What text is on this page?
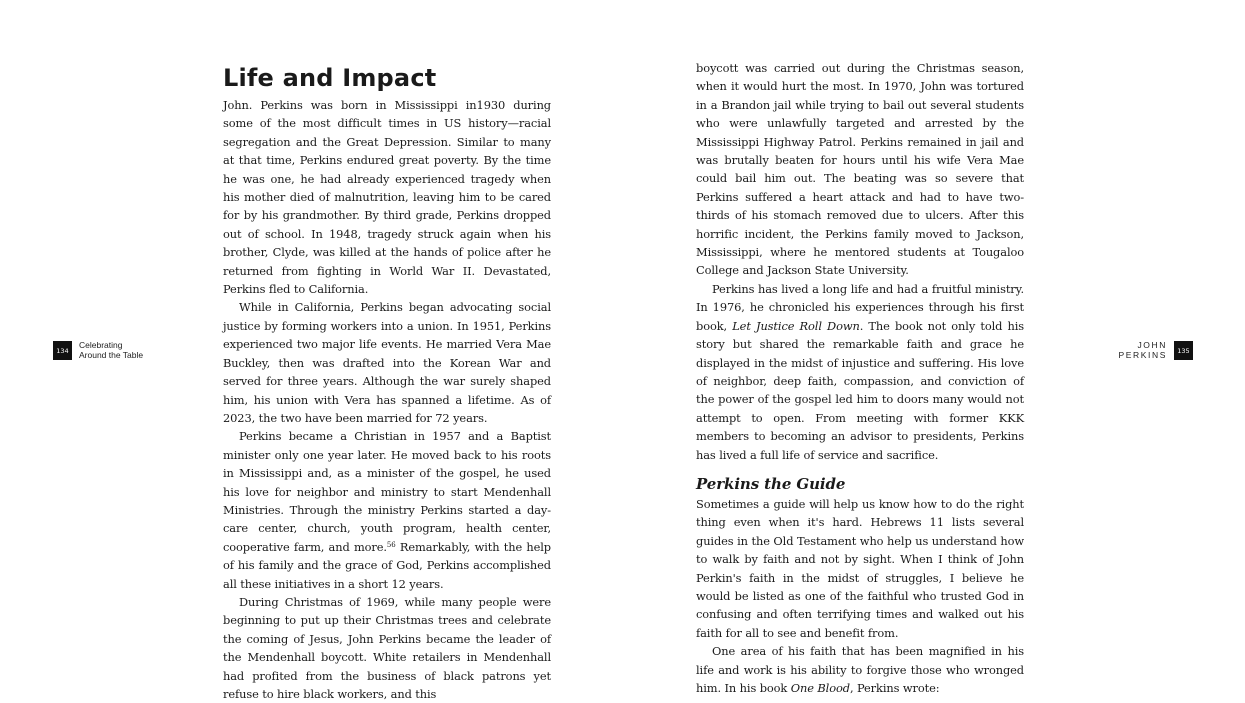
134
Celebrating
Around the Table
Life and Impact

John. Perkins was born in Mississippi in1930 during some of the most difficult times in US history—racial segregation and the Great Depression. Similar to many at that time, Perkins endured great poverty. By the time he was one, he had already experienced tragedy when his mother died of malnutrition, leaving him to be cared for by his grandmother. By third grade, Perkins dropped out of school. In 1948, tragedy struck again when his brother, Clyde, was killed at the hands of police after he returned from fighting in World War II. Devastated, Perkins fled to California.

While in California, Perkins began advocating social justice by forming workers into a union. In 1951, Perkins experienced two major life events. He married Vera Mae Buckley, then was drafted into the Korean War and served for three years. Although the war surely shaped him, his union with Vera has spanned a lifetime. As of 2023, the two have been married for 72 years.

Perkins became a Christian in 1957 and a Baptist minister only one year later. He moved back to his roots in Mississippi and, as a minister of the gospel, he used his love for neighbor and ministry to start Mendenhall Ministries. Through the ministry Perkins started a day-care center, church, youth program, health center, cooperative farm, and more.$^{56}$ Remarkably, with the help of his family and the grace of God, Perkins accomplished all these initiatives in a short 12 years.

During Christmas of 1969, while many people were beginning to put up their Christmas trees and celebrate the coming of Jesus, John Perkins became the leader of the Mendenhall boycott. White retailers in Mendenhall had profited from the business of black patrons yet refuse to hire black workers, and this

boycott was carried out during the Christmas season, when it would hurt the most. In 1970, John was tortured in a Brandon jail while trying to bail out several students who were unlawfully targeted and arrested by the Mississippi Highway Patrol. Perkins remained in jail and was brutally beaten for hours until his wife Vera Mae could bail him out. The beating was so severe that Perkins suffered a heart attack and had to have two-thirds of his stomach removed due to ulcers. After this horrific incident, the Perkins family moved to Jackson, Mississippi, where he mentored students at Tougaloo College and Jackson State University.

Perkins has lived a long life and had a fruitful ministry. In 1976, he chronicled his experiences through his first book, Let Justice Roll Down. The book not only told his story but shared the remarkable faith and grace he displayed in the midst of injustice and suffering. His love of neighbor, deep faith, compassion, and conviction of the power of the gospel led him to doors many would not attempt to open. From meeting with former KKK members to becoming an advisor to presidents, Perkins has lived a full life of service and sacrifice.

Perkins the Guide

Sometimes a guide will help us know how to do the right thing even when it's hard. Hebrews 11 lists several guides in the Old Testament who help us understand how to walk by faith and not by sight. When I think of John Perkin's faith in the midst of struggles, I believe he would be listed as one of the faithful who trusted God in confusing and often terrifying times and walked out his faith for all to see and benefit from.

One area of his faith that has been magnified in his life and work is his ability to forgive those who wronged him. In his book One Blood, Perkins wrote:

JOHN
PERKINS 135
